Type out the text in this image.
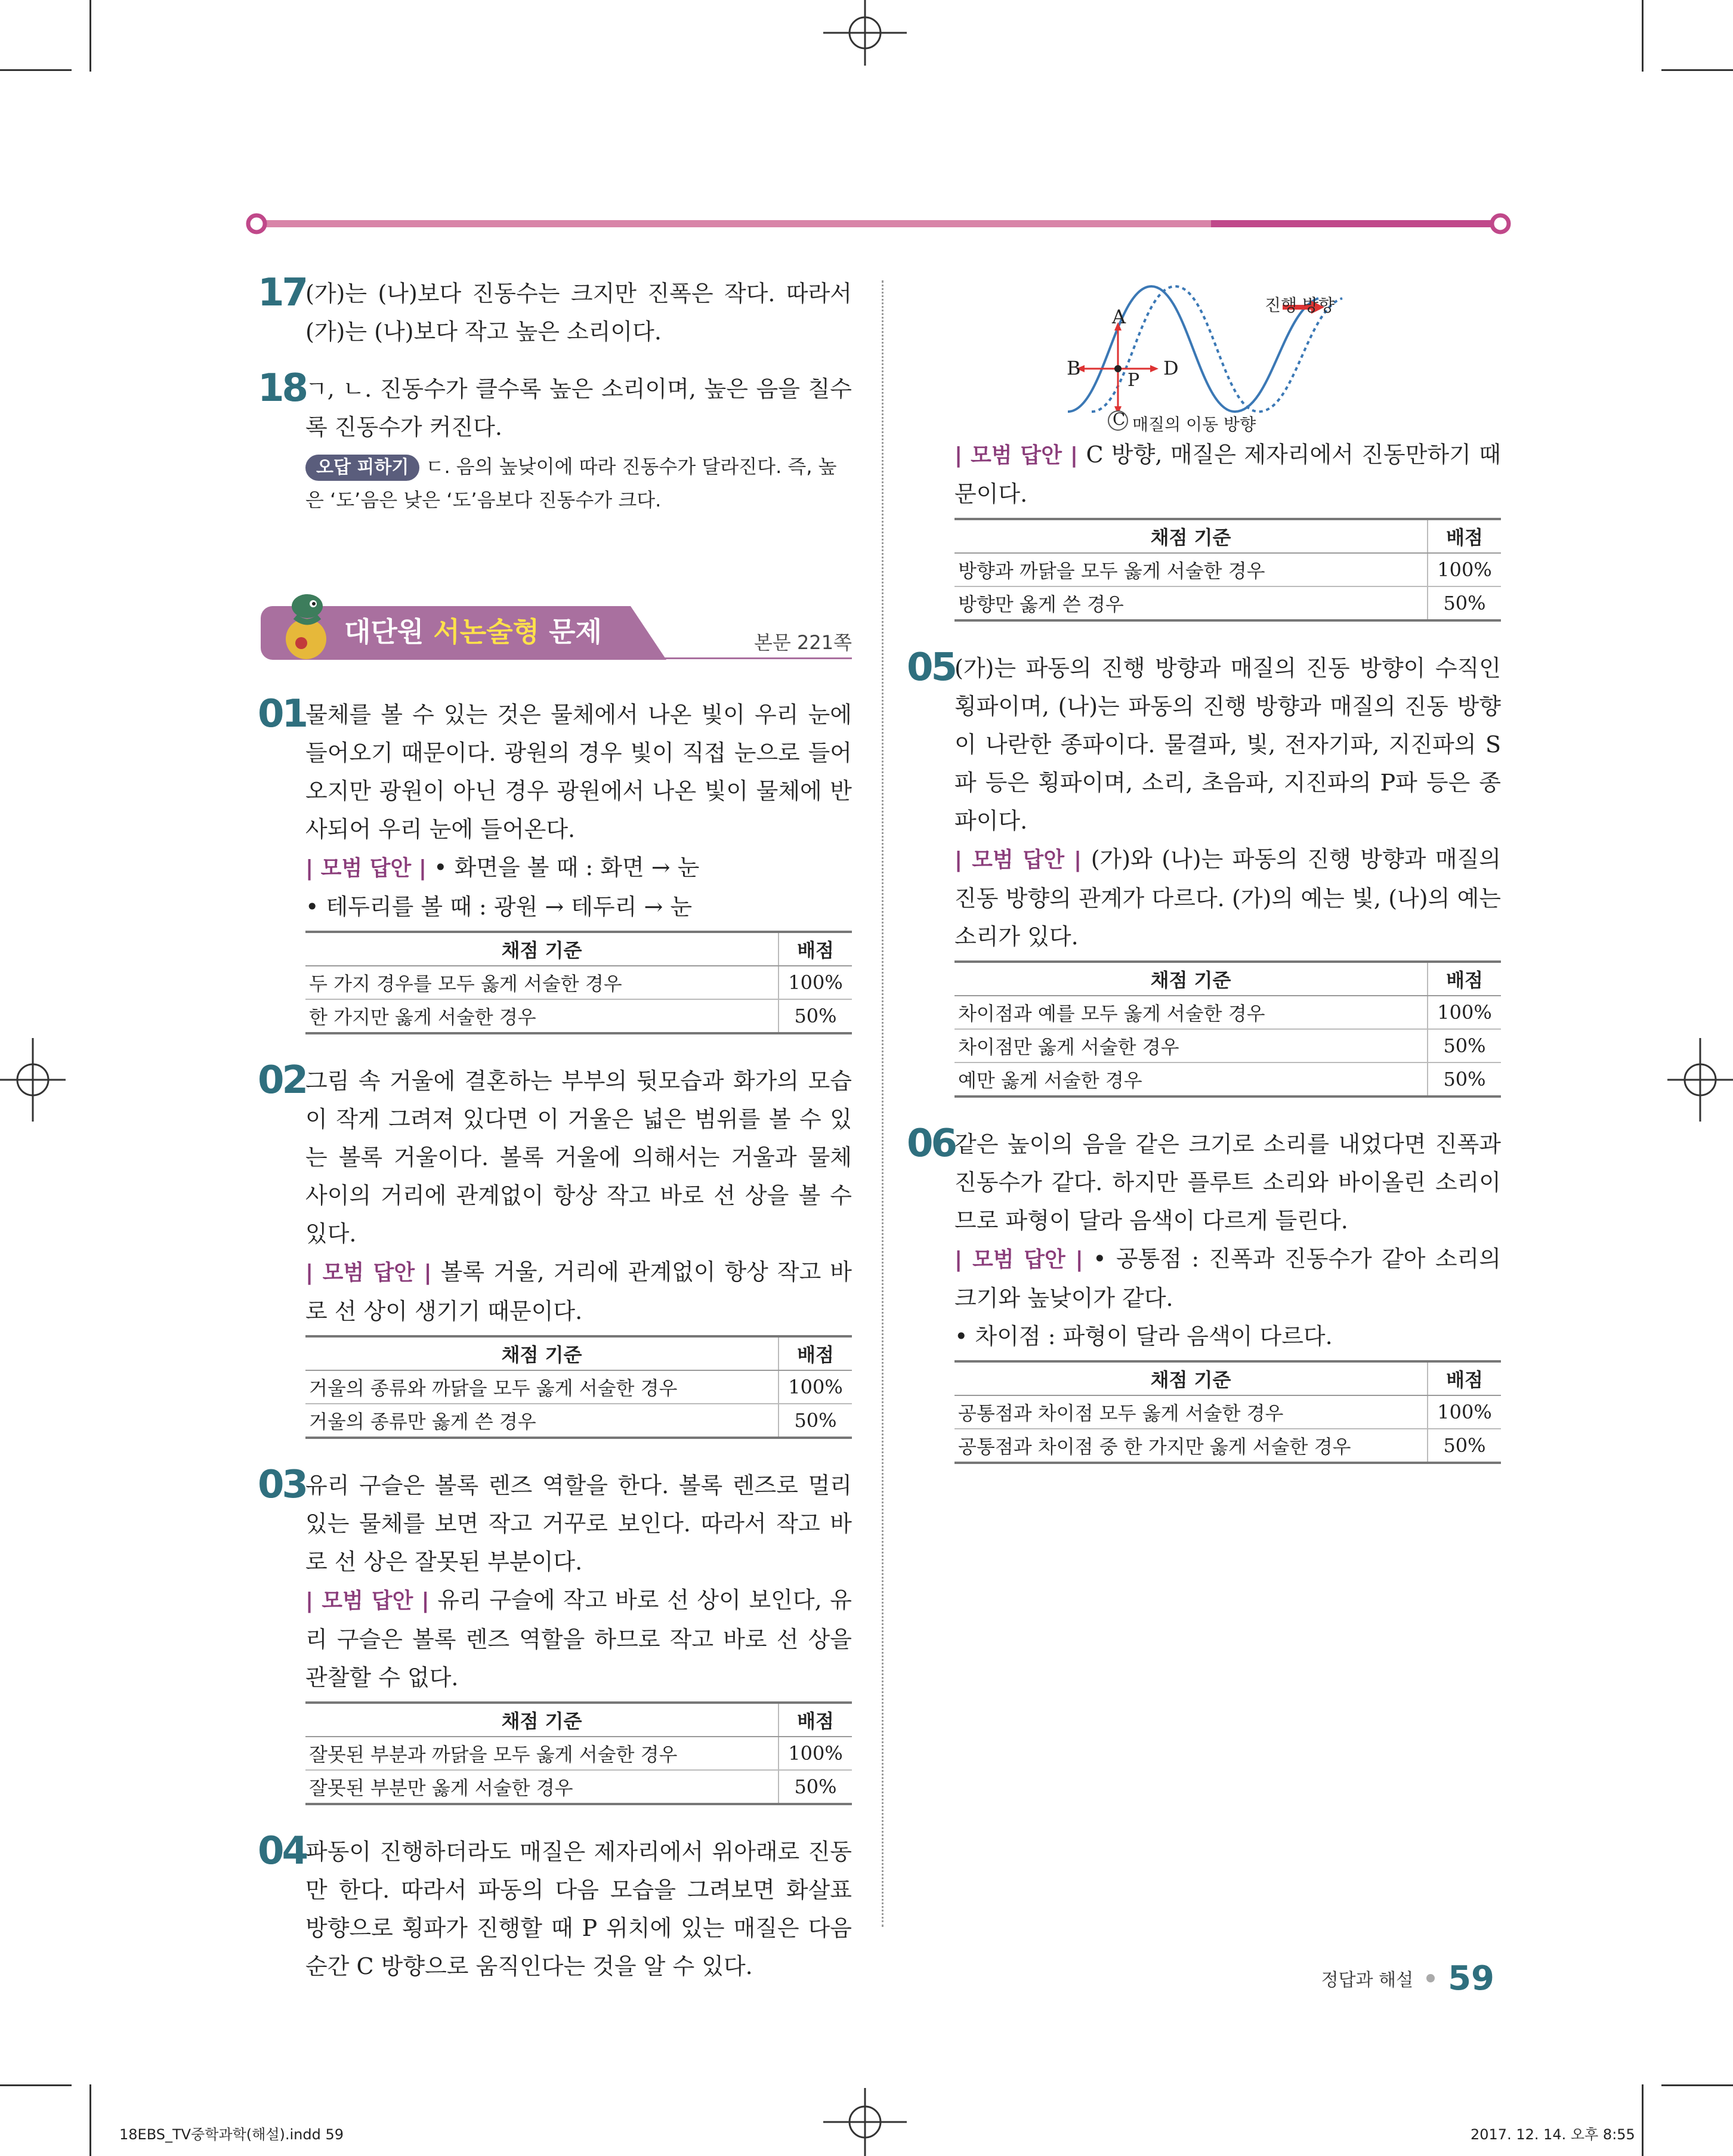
17

(가)는 (나)보다 진동수는 크지만 진폭은 작다. 따라서 (가)는 (나)보다 작고 높은 소리이다.

18

ㄱ, ㄴ. 진동수가 클수록 높은 소리이며, 높은 음을 칠수록 진동수가 커진다.

오답 피하기 ㄷ. 음의 높낮이에 따라 진동수가 달라진다. 즉, 높은 ‘도’음은 낮은 ‘도’음보다 진동수가 크다.
대단원 서논술형 문제	본문 221쪽
01

물체를 볼 수 있는 것은 물체에서 나온 빛이 우리 눈에 들어오기 때문이다. 광원의 경우 빛이 직접 눈으로 들어오지만 광원이 아닌 경우 광원에서 나온 빛이 물체에 반사되어 우리 눈에 들어온다.

| 모범 답안 | • 화면을 볼 때 : 화면 → 눈

• 테두리를 볼 때 : 광원 → 테두리 → 눈

채점 기준	배점
두 가지 경우를 모두 옳게 서술한 경우	100%
한 가지만 옳게 서술한 경우	50%
02

그림 속 거울에 결혼하는 부부의 뒷모습과 화가의 모습이 작게 그려져 있다면 이 거울은 넓은 범위를 볼 수 있는 볼록 거울이다. 볼록 거울에 의해서는 거울과 물체 사이의 거리에 관계없이 항상 작고 바로 선 상을 볼 수 있다.

| 모범 답안 | 볼록 거울, 거리에 관계없이 항상 작고 바로 선 상이 생기기 때문이다.

채점 기준	배점
거울의 종류와 까닭을 모두 옳게 서술한 경우	100%
거울의 종류만 옳게 쓴 경우	50%
03

유리 구슬은 볼록 렌즈 역할을 한다. 볼록 렌즈로 멀리 있는 물체를 보면 작고 거꾸로 보인다. 따라서 작고 바로 선 상은 잘못된 부분이다.

| 모범 답안 | 유리 구슬에 작고 바로 선 상이 보인다, 유리 구슬은 볼록 렌즈 역할을 하므로 작고 바로 선 상을 관찰할 수 없다.

채점 기준	배점
잘못된 부분과 까닭을 모두 옳게 서술한 경우	100%
잘못된 부분만 옳게 서술한 경우	50%
04

파동이 진행하더라도 매질은 제자리에서 위아래로 진동만 한다. 따라서 파동의 다음 모습을 그려보면 화살표 방향으로 횡파가 진행할 때 P 위치에 있는 매질은 다음 순간 C 방향으로 움직인다는 것을 알 수 있다.

A
B	D
P
C
진행 방향
매질의 이동 방향

| 모범 답안 | C 방향, 매질은 제자리에서 진동만하기 때문이다.

채점 기준	배점
방향과 까닭을 모두 옳게 서술한 경우	100%
방향만 옳게 쓴 경우	50%
05

(가)는 파동의 진행 방향과 매질의 진동 방향이 수직인 횡파이며, (나)는 파동의 진행 방향과 매질의 진동 방향이 나란한 종파이다. 물결파, 빛, 전자기파, 지진파의 S파 등은 횡파이며, 소리, 초음파, 지진파의 P파 등은 종파이다.

| 모범 답안 | (가)와 (나)는 파동의 진행 방향과 매질의 진동 방향의 관계가 다르다. (가)의 예는 빛, (나)의 예는 소리가 있다.

채점 기준	배점
차이점과 예를 모두 옳게 서술한 경우	100%
차이점만 옳게 서술한 경우	50%
예만 옳게 서술한 경우	50%
06

같은 높이의 음을 같은 크기로 소리를 내었다면 진폭과 진동수가 같다. 하지만 플루트 소리와 바이올린 소리이므로 파형이 달라 음색이 다르게 들린다.

| 모범 답안 | • 공통점 : 진폭과 진동수가 같아 소리의 크기와 높낮이가 같다.

• 차이점 : 파형이 달라 음색이 다르다.

채점 기준	배점
공통점과 차이점 모두 옳게 서술한 경우	100%
공통점과 차이점 중 한 가지만 옳게 서술한 경우	50%
정답과 해설 59
18EBS_TV중학과학(해설).indd 59	2017. 12. 14. 오후 8:55
